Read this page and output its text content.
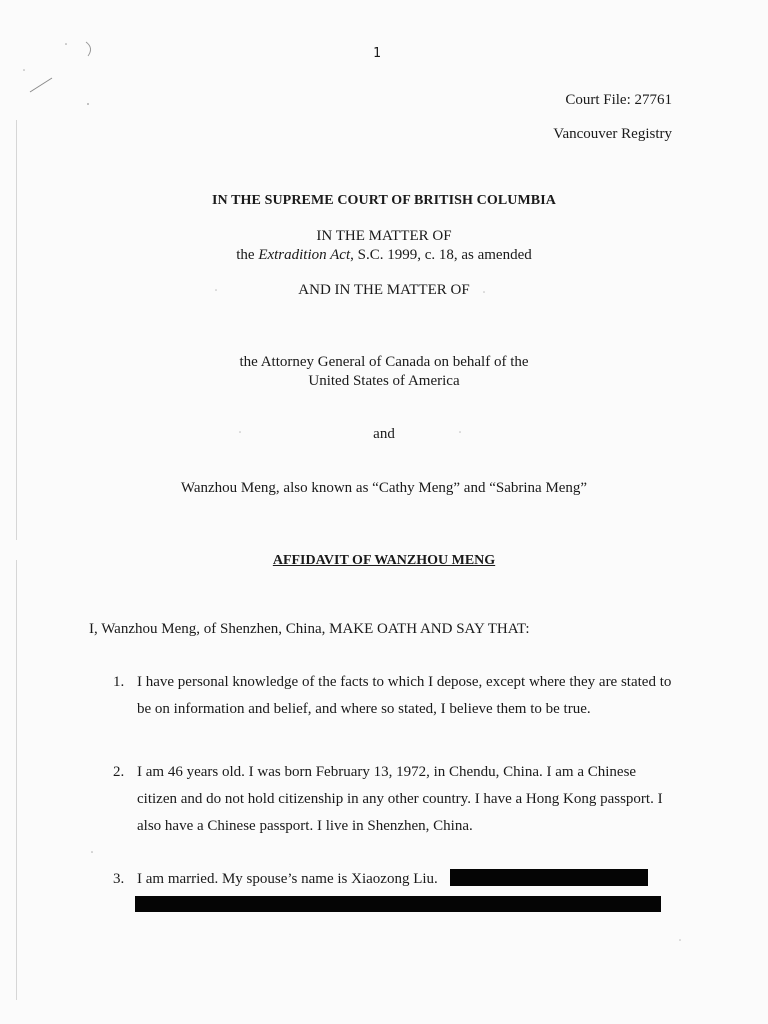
1
Court File: 27761
Vancouver Registry
IN THE SUPREME COURT OF BRITISH COLUMBIA
IN THE MATTER OF
the Extradition Act, S.C. 1999, c. 18, as amended
AND IN THE MATTER OF
the Attorney General of Canada on behalf of the
United States of America
and
Wanzhou Meng, also known as “Cathy Meng” and “Sabrina Meng”
AFFIDAVIT OF WANZHOU MENG
I, Wanzhou Meng, of Shenzhen, China, MAKE OATH AND SAY THAT:
1. I have personal knowledge of the facts to which I depose, except where they are stated to be on information and belief, and where so stated, I believe them to be true.
2. I am 46 years old. I was born February 13, 1972, in Chendu, China. I am a Chinese citizen and do not hold citizenship in any other country. I have a Hong Kong passport. I also have a Chinese passport. I live in Shenzhen, China.
3. I am married. My spouse’s name is Xiaozong Liu.
